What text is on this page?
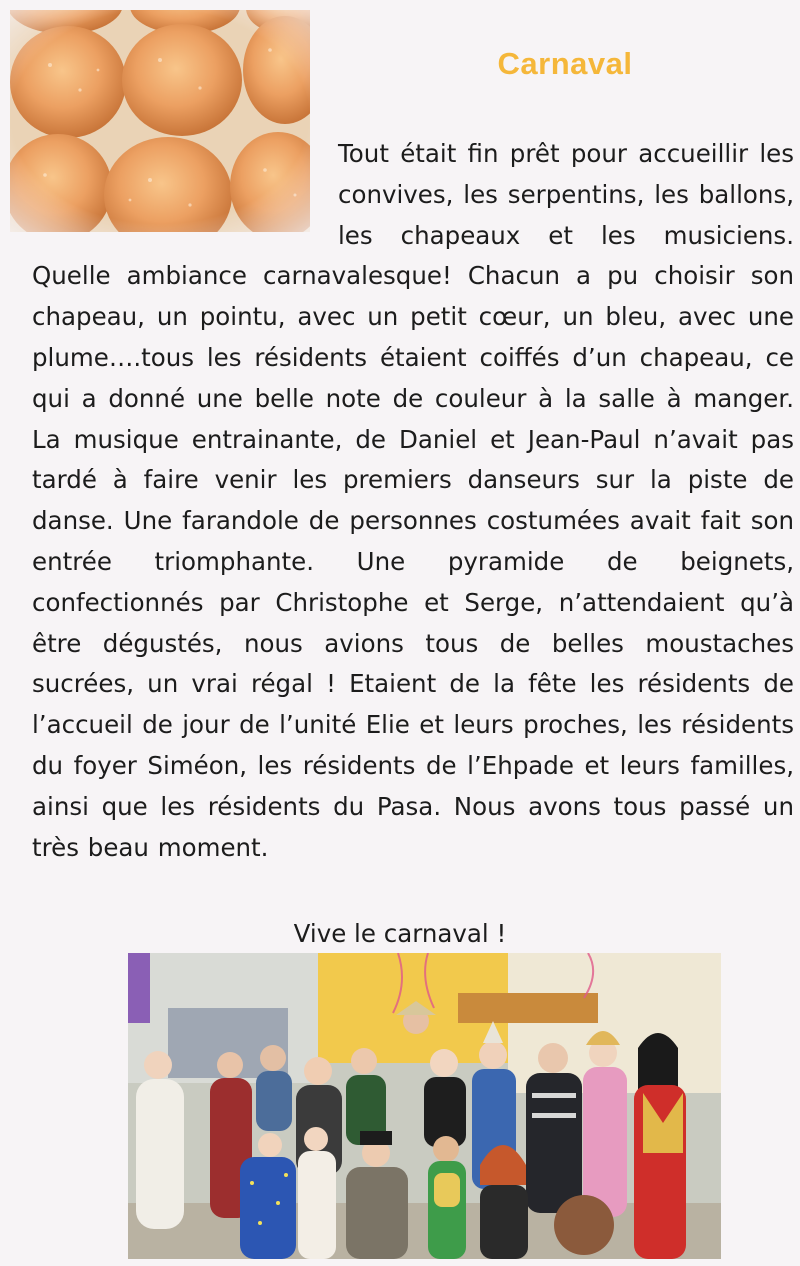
Carnaval

Tout était fin prêt pour accueillir les convives, les serpentins, les ballons, les chapeaux et les musiciens. Quelle ambiance carnavalesque! Chacun a pu choisir son chapeau, un pointu, avec un petit cœur, un bleu, avec une plume….tous les résidents étaient coiffés d’un chapeau, ce qui a donné une belle note de couleur à la salle à manger. La musique entrainante, de Daniel et Jean-Paul n’avait pas tardé à faire venir les premiers danseurs sur la piste de danse. Une farandole de personnes costumées avait fait son entrée triomphante. Une pyramide de beignets, confectionnés par Christophe et Serge, n’attendaient qu’à être dégustés, nous avions tous de belles moustaches sucrées, un vrai régal ! Etaient de la fête les résidents de l’accueil de jour de l’unité Elie et leurs proches, les résidents du foyer Siméon, les résidents de l’Ehpade et leurs familles, ainsi que les résidents du Pasa. Nous avons tous passé un très beau moment.

Vive le carnaval !
